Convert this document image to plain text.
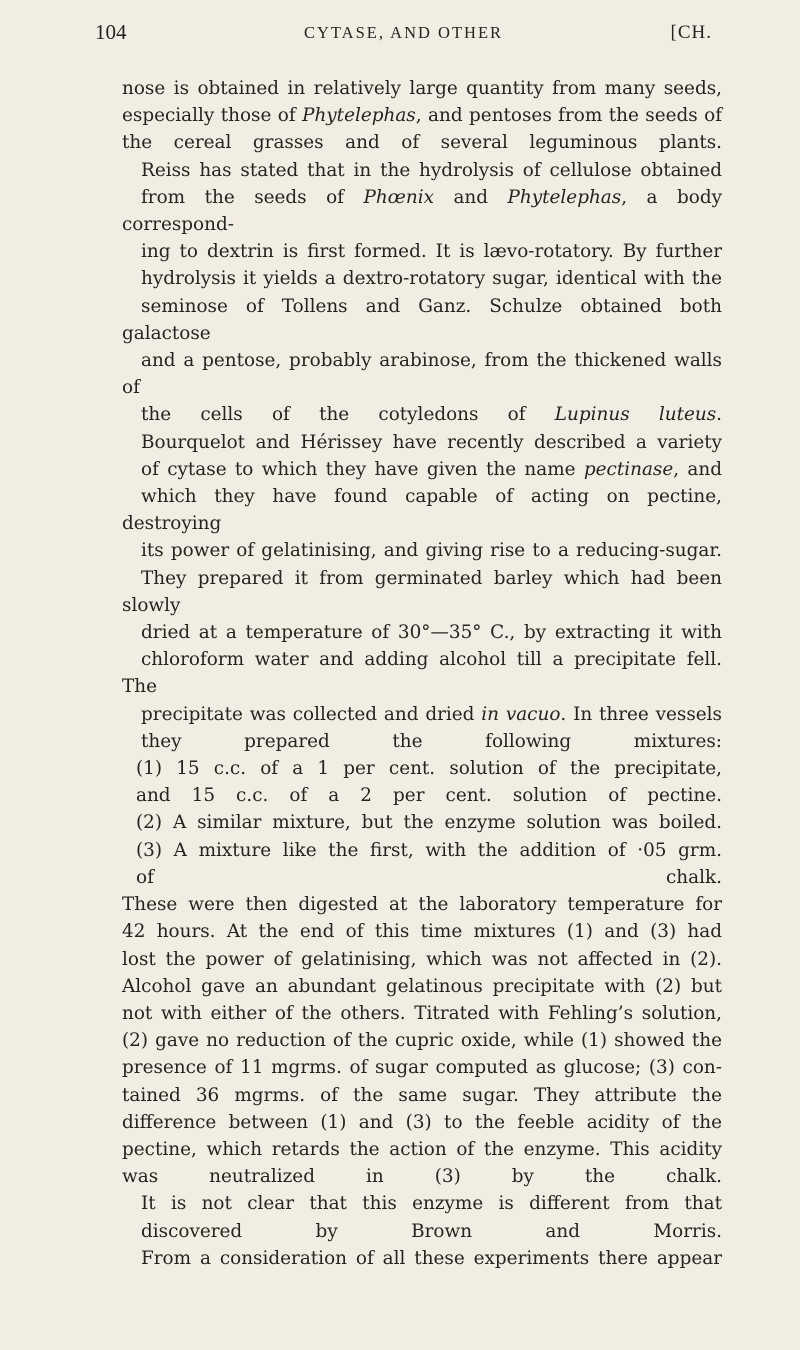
104	CYTASE, AND OTHER	[CH.

nose is obtained in relatively large quantity from many seeds,
especially those of Phytelephas, and pentoses from the seeds of
the cereal grasses and of several leguminous plants.

Reiss has stated that in the hydrolysis of cellulose obtained
from the seeds of Phœnix and Phytelephas, a body correspond-
ing to dextrin is first formed. It is lævo-rotatory. By further
hydrolysis it yields a dextro-rotatory sugar, identical with the
seminose of Tollens and Ganz. Schulze obtained both galactose
and a pentose, probably arabinose, from the thickened walls of
the cells of the cotyledons of Lupinus luteus.

Bourquelot and Hérissey have recently described a variety
of cytase to which they have given the name pectinase, and
which they have found capable of acting on pectine, destroying
its power of gelatinising, and giving rise to a reducing-sugar.
They prepared it from germinated barley which had been slowly
dried at a temperature of 30°—35° C., by extracting it with
chloroform water and adding alcohol till a precipitate fell. The
precipitate was collected and dried in vacuo. In three vessels
they prepared the following mixtures:

(1) 15 c.c. of a 1 per cent. solution of the precipitate,
and 15 c.c. of a 2 per cent. solution of pectine.
(2) A similar mixture, but the enzyme solution was boiled.
(3) A mixture like the first, with the addition of ·05 grm.
of chalk.

These were then digested at the laboratory temperature for
42 hours. At the end of this time mixtures (1) and (3) had
lost the power of gelatinising, which was not affected in (2).
Alcohol gave an abundant gelatinous precipitate with (2) but
not with either of the others. Titrated with Fehling’s solution,
(2) gave no reduction of the cupric oxide, while (1) showed the
presence of 11 mgrms. of sugar computed as glucose; (3) con-
tained 36 mgrms. of the same sugar. They attribute the
difference between (1) and (3) to the feeble acidity of the
pectine, which retards the action of the enzyme. This acidity
was neutralized in (3) by the chalk.

It is not clear that this enzyme is different from that
discovered by Brown and Morris.

From a consideration of all these experiments there appear
